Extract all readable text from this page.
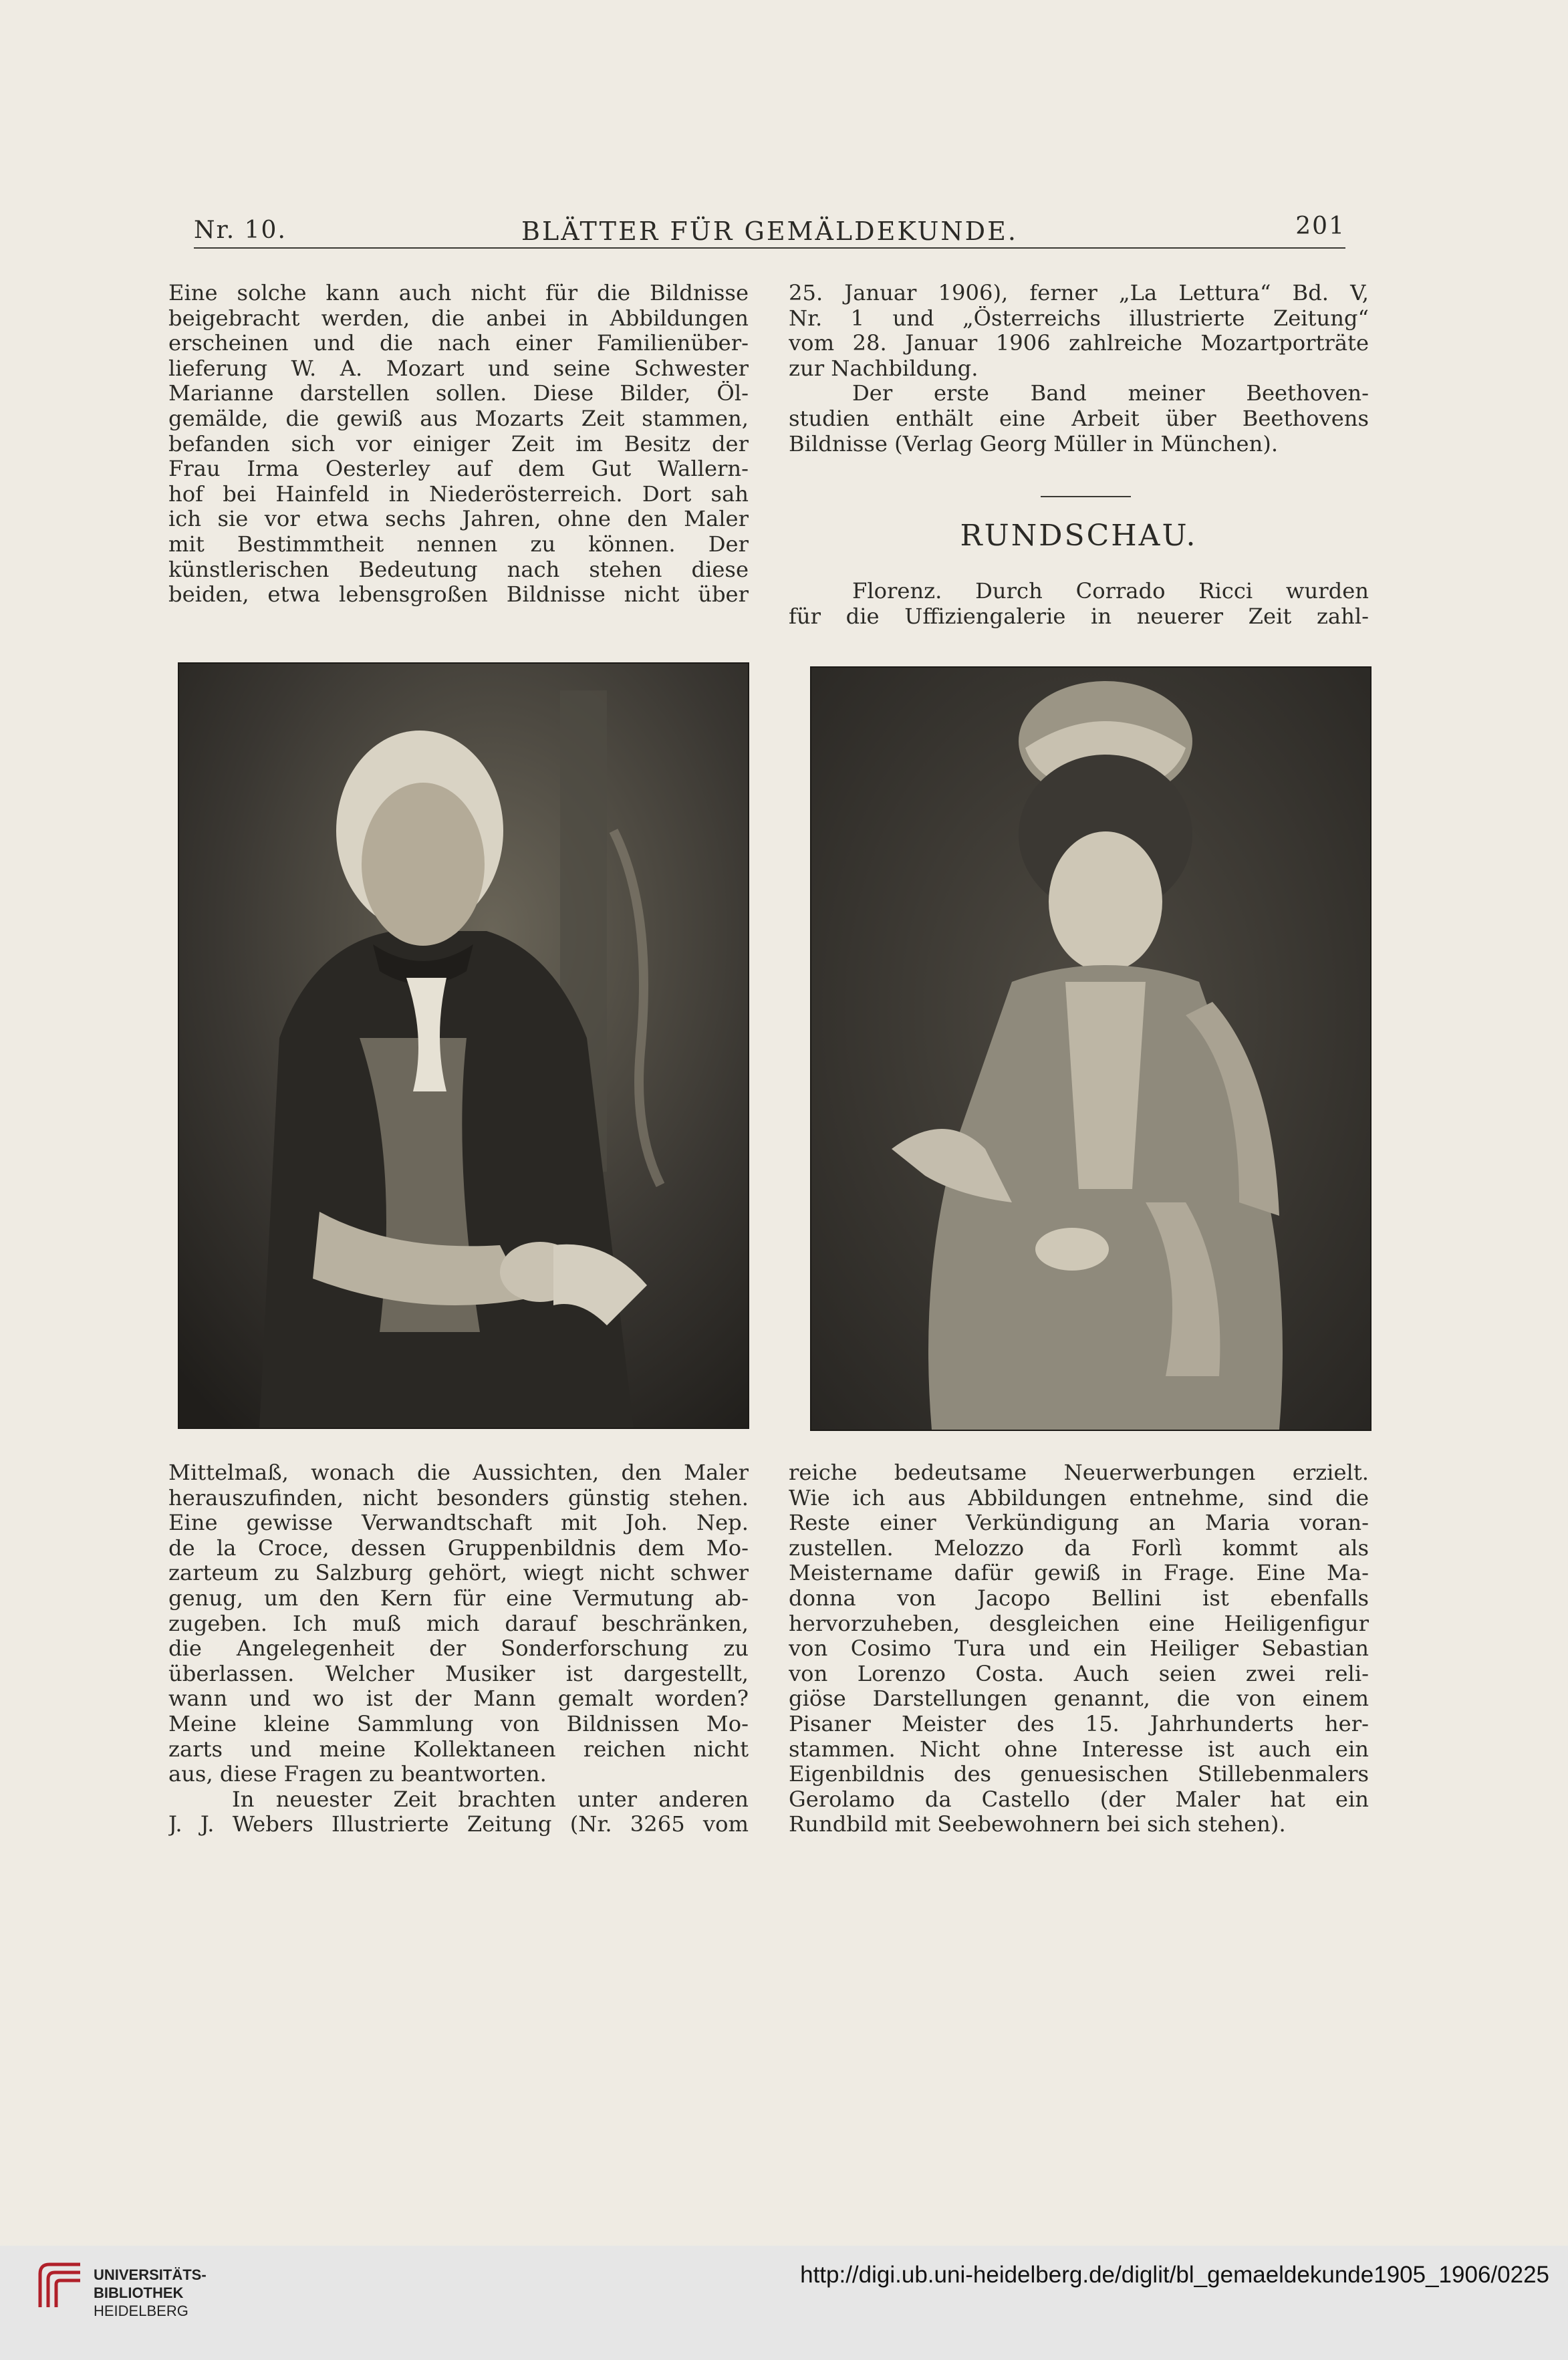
Nr. 10.	BLÄTTER FÜR GEMÄLDEKUNDE.	201

Eine solche kann auch nicht für die Bildnisse

beigebracht werden, die anbei in Abbildungen

erscheinen und die nach einer Familienüber-

lieferung W. A. Mozart und seine Schwester

Marianne darstellen sollen. Diese Bilder, Öl-

gemälde, die gewiß aus Mozarts Zeit stammen,

befanden sich vor einiger Zeit im Besitz der

Frau Irma Oesterley auf dem Gut Wallern-

hof bei Hainfeld in Niederösterreich. Dort sah

ich sie vor etwa sechs Jahren, ohne den Maler

mit Bestimmtheit nennen zu können. Der

künstlerischen Bedeutung nach stehen diese

beiden, etwa lebensgroßen Bildnisse nicht über

25. Januar 1906), ferner „La Lettura“ Bd. V,

Nr. 1 und „Österreichs illustrierte Zeitung“

vom 28. Januar 1906 zahlreiche Mozartporträte

zur Nachbildung.

Der erste Band meiner Beethoven-

studien enthält eine Arbeit über Beethovens

Bildnisse (Verlag Georg Müller in München).

RUNDSCHAU.

Florenz. Durch Corrado Ricci wurden

für die Uffiziengalerie in neuerer Zeit zahl-

Mittelmaß, wonach die Aussichten, den Maler

herauszufinden, nicht besonders günstig stehen.

Eine gewisse Verwandtschaft mit Joh. Nep.

de la Croce, dessen Gruppenbildnis dem Mo-

zarteum zu Salzburg gehört, wiegt nicht schwer

genug, um den Kern für eine Vermutung ab-

zugeben. Ich muß mich darauf beschränken,

die Angelegenheit der Sonderforschung zu

überlassen. Welcher Musiker ist dargestellt,

wann und wo ist der Mann gemalt worden?

Meine kleine Sammlung von Bildnissen Mo-

zarts und meine Kollektaneen reichen nicht

aus, diese Fragen zu beantworten.

In neuester Zeit brachten unter anderen

J. J. Webers Illustrierte Zeitung (Nr. 3265 vom

reiche bedeutsame Neuerwerbungen erzielt.

Wie ich aus Abbildungen entnehme, sind die

Reste einer Verkündigung an Maria voran-

zustellen. Melozzo da Forlì kommt als

Meistername dafür gewiß in Frage. Eine Ma-

donna von Jacopo Bellini ist ebenfalls

hervorzuheben, desgleichen eine Heiligenfigur

von Cosimo Tura und ein Heiliger Sebastian

von Lorenzo Costa. Auch seien zwei reli-

giöse Darstellungen genannt, die von einem

Pisaner Meister des 15. Jahrhunderts her-

stammen. Nicht ohne Interesse ist auch ein

Eigenbildnis des genuesischen Stillebenmalers

Gerolamo da Castello (der Maler hat ein

Rundbild mit Seebewohnern bei sich stehen).

UNIVERSITÄTS-
BIBLIOTHEK
HEIDELBERG
http://digi.ub.uni-heidelberg.de/diglit/bl_gemaeldekunde1905_1906/0225
